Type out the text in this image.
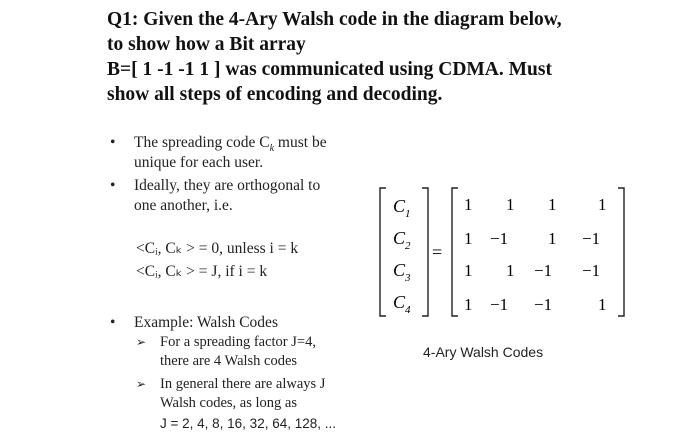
Q1: Given the 4-Ary Walsh code in the diagram below,
to show how a Bit array
B=[ 1 -1 -1 1 ] was communicated using CDMA. Must
show all steps of encoding and decoding.
• The spreading code $C_k$ must be
unique for each user.
• Ideally, they are orthogonal to
one another, i.e.
<Cᵢ, Cₖ > = 0, unless i = k
<Cᵢ, Cₖ > = J, if i = k
• Example: Walsh Codes
➢ For a spreading factor J=4,
there are 4 Walsh codes
➢ In general there are always J
Walsh codes, as long as
J = 2, 4, 8, 16, 32, 64, 128, ...
$C_1$
$C_2$
$C_3$
$C_4$
=
1 1 1 1
1 −1 1 −1
1 1 −1 −1
1 −1 −1	1
4-Ary Walsh Codes
